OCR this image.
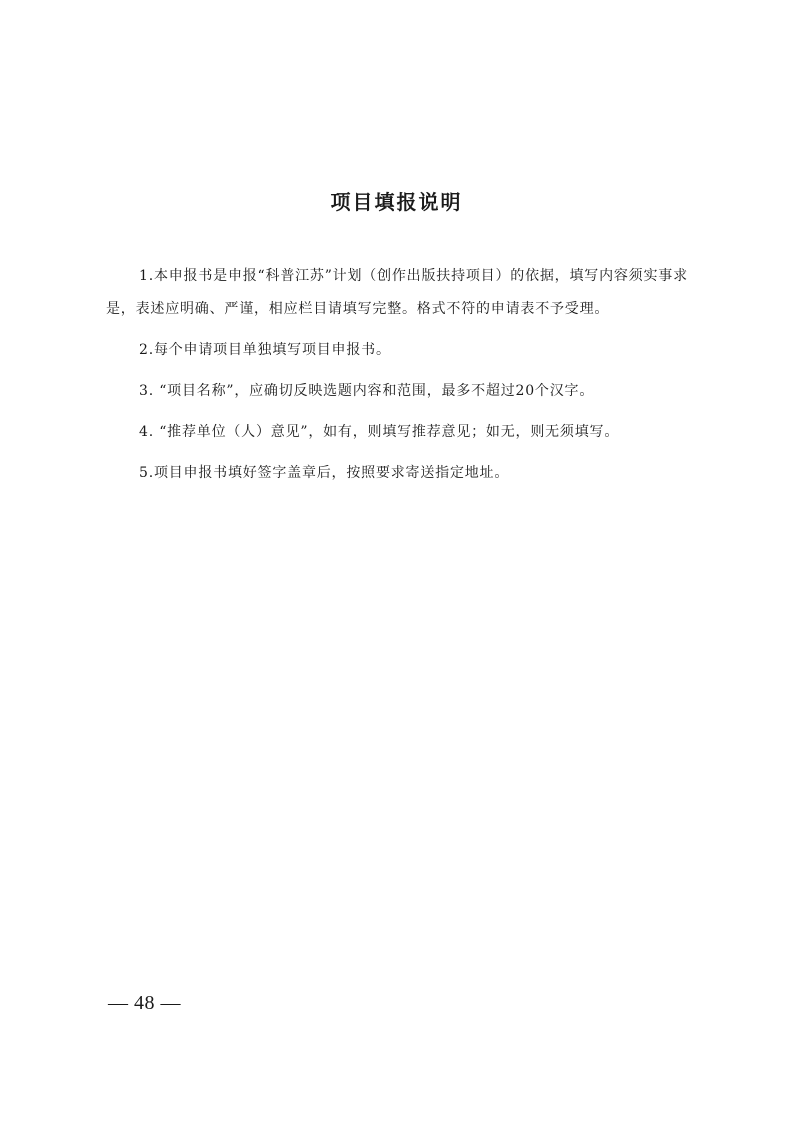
项目填报说明

1.本申报书是申报“科普江苏”计划（创作出版扶持项目）的依据，填写内容须实事求是，表述应明确、严谨，相应栏目请填写完整。格式不符的申请表不予受理。

2.每个申请项目单独填写项目申报书。

3. “项目名称”，应确切反映选题内容和范围，最多不超过20个汉字。

4. “推荐单位（人）意见”，如有，则填写推荐意见；如无，则无须填写。

5.项目申报书填好签字盖章后，按照要求寄送指定地址。

— 48 —
